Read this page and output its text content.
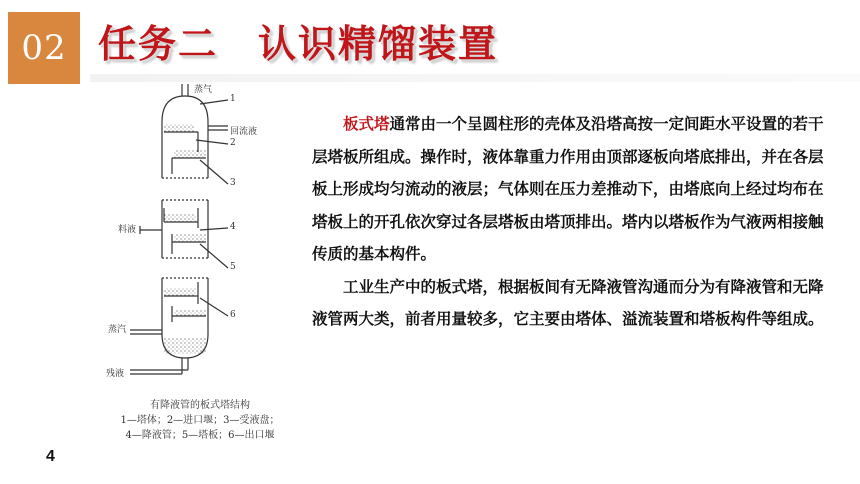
02 任务二 认识精馏装置
蒸气
回流液
料液
蒸汽
残液
1
2
3
4
5
6
有降液管的板式塔结构
1—塔体；2—进口堰；3—受液盘；
4—降液管；5—塔板；6—出口堰

板式塔通常由一个呈圆柱形的壳体及沿塔高按一定间距水平设置的若干层塔板所组成。操作时，液体靠重力作用由顶部逐板向塔底排出，并在各层板上形成均匀流动的液层；气体则在压力差推动下，由塔底向上经过均布在塔板上的开孔依次穿过各层塔板由塔顶排出。塔内以塔板作为气液两相接触传质的基本构件。

工业生产中的板式塔，根据板间有无降液管沟通而分为有降液管和无降液管两大类，前者用量较多，它主要由塔体、溢流装置和塔板构件等组成。

4
